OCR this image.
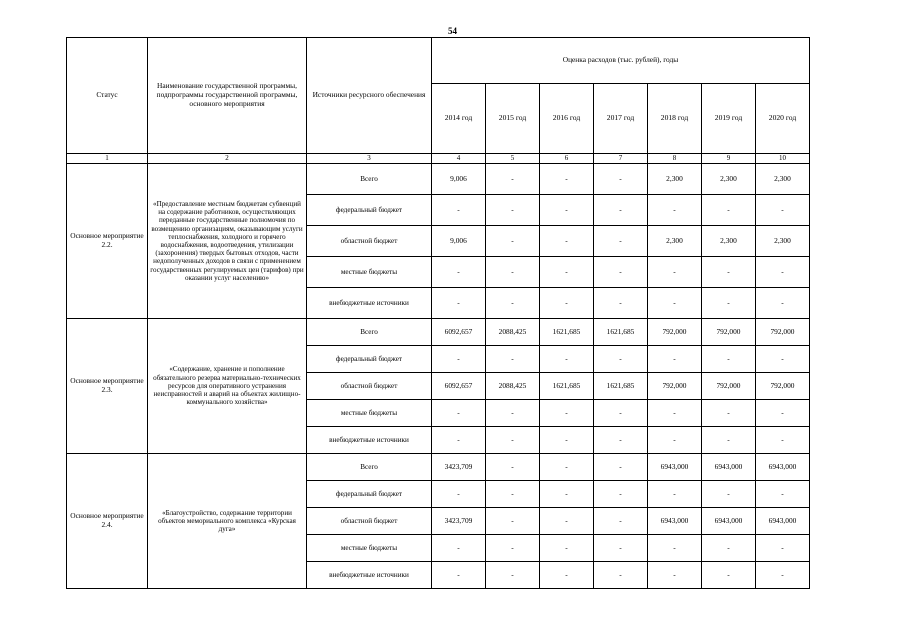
54
Статус	Наименование государственной программы, подпрограммы государственной программы, основного мероприятия	Источники ресурсного обеспечения	Оценка расходов (тыс. рублей), годы						
			2014 год	2015 год	2016 год	2017 год	2018 год	2019 год	2020 год
1	2	3	4	5	6	7	8	9	10
Основное мероприятие 2.2.	«Предоставление местным бюджетам субвенций на содержание работников, осуществляющих переданные государственные полномочия по возмещению организациям, оказывающим услуги теплоснабжения, холодного и горячего водоснабжения, водоотведения, утилизации (захоронения) твердых бытовых отходов, части недополученных доходов в связи с применением государственных регулируемых цен (тарифов) при оказании услуг населению»	Всего	9,006	-	-	-	2,300	2,300	2,300
		федеральный бюджет	-	-	-	-	-	-	-
		областной бюджет	9,006	-	-	-	2,300	2,300	2,300
		местные бюджеты	-	-	-	-	-	-	-
		внебюджетные источники	-	-	-	-	-	-	-
Основное мероприятие 2.3.	«Содержание, хранение и пополнение обязательного резерва материально-технических ресурсов для оперативного устранения неисправностей и аварий на объектах жилищно-коммунального хозяйства»	Всего	6092,657	2088,425	1621,685	1621,685	792,000	792,000	792,000
		федеральный бюджет	-	-	-	-	-	-	-
		областной бюджет	6092,657	2088,425	1621,685	1621,685	792,000	792,000	792,000
		местные бюджеты	-	-	-	-	-	-	-
		внебюджетные источники	-	-	-	-	-	-	-
Основное мероприятие 2.4.	«Благоустройство, содержание территории объектов мемориального комплекса «Курская дуга»	Всего	3423,709	-	-	-	6943,000	6943,000	6943,000
		федеральный бюджет	-	-	-	-	-	-	-
		областной бюджет	3423,709	-	-	-	6943,000	6943,000	6943,000
		местные бюджеты	-	-	-	-	-	-	-
		внебюджетные источники	-	-	-	-	-	-	-
